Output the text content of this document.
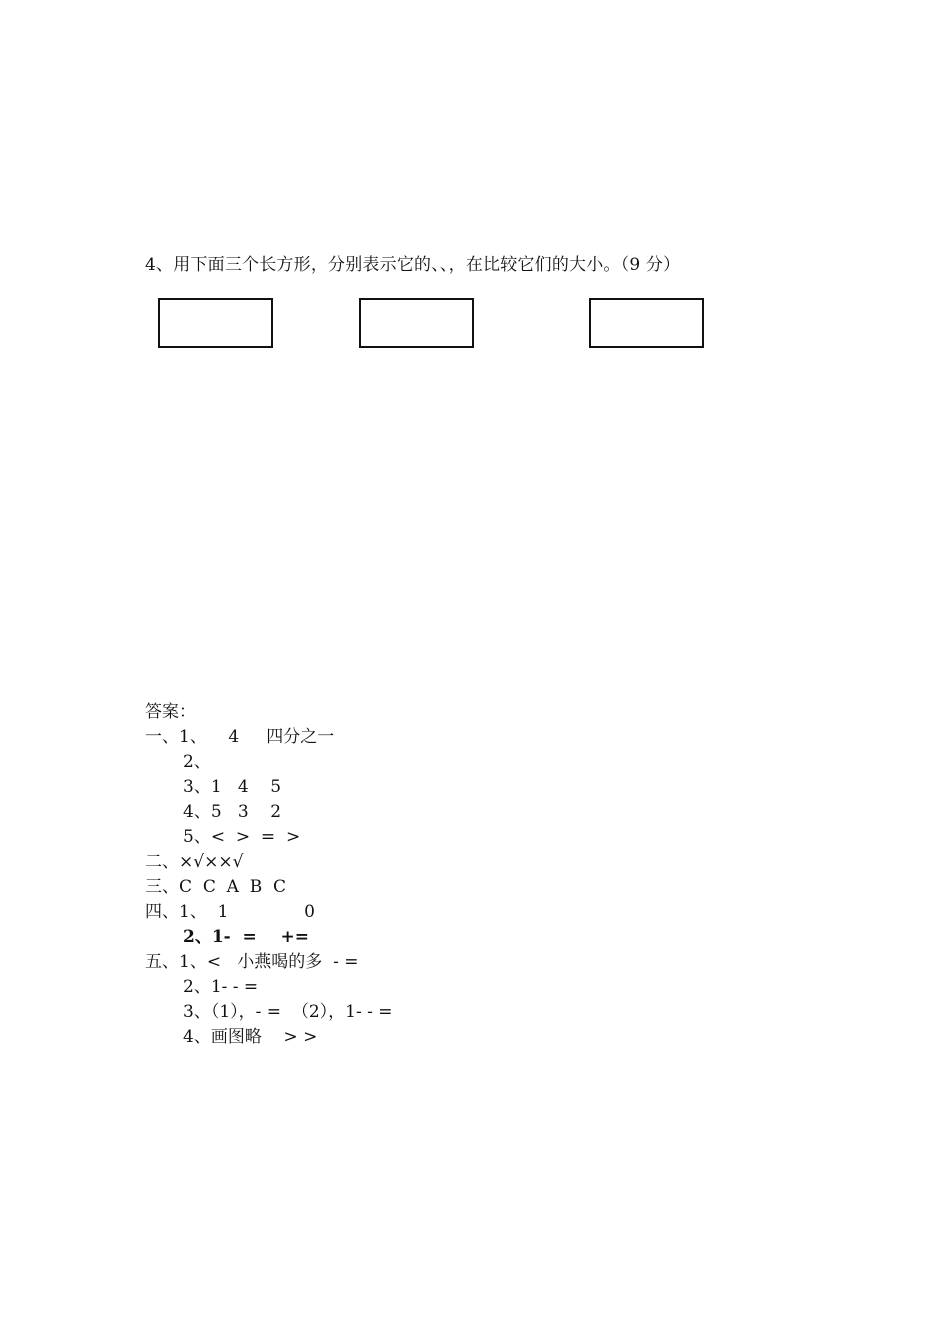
4、用下面三个长方形，分别表示它的、、，在比较它们的大小。（9 分）
答案：
一、1、    4     四分之一
2、
3、1   4    5
4、5   3    2
5、<  >  =  >
二、×√××√
三、C  C  A  B  C
四、1、  1              0
2、1-  =    +=
五、1、<   小燕喝的多  - =
2、1- - =
3、（1），- =  （2），1- - =
4、画图略    > >
